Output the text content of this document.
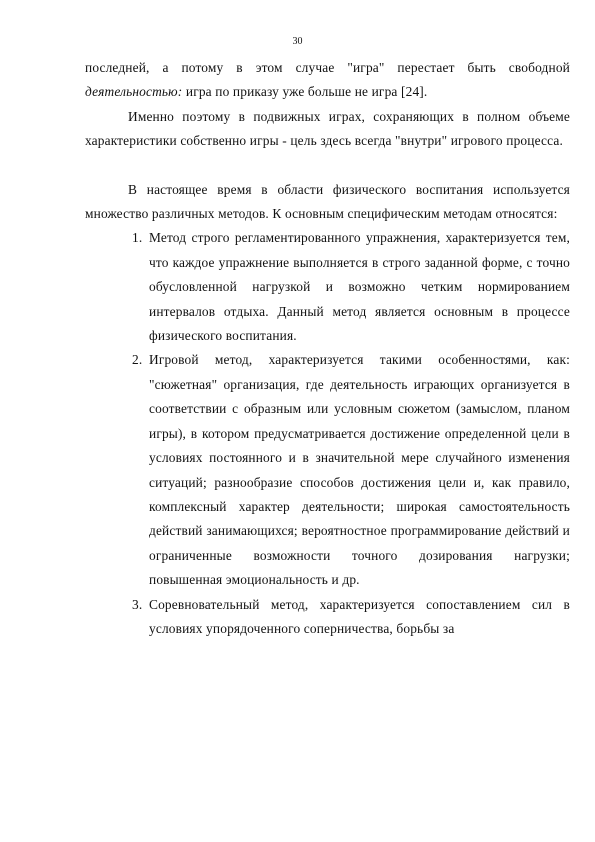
30

последней, а потому в этом случае "игра" перестает быть свободной деятельностью: игра по приказу уже больше не игра [24].

Именно поэтому в подвижных играх, сохраняющих в полном объеме характеристики собственно игры - цель здесь всегда "внутри" игрового процесса.

В настоящее время в области физического воспитания используется множество различных методов. К основным специфическим методам относятся:

1. Метод строго регламентированного упражнения, характеризуется тем, что каждое упражнение выполняется в строго заданной форме, с точно обусловленной нагрузкой и возможно четким нормированием интервалов отдыха. Данный метод является основным в процессе физического воспитания.
2. Игровой метод, характеризуется такими особенностями, как: "сюжетная" организация, где деятельность играющих организуется в соответствии с образным или условным сюжетом (замыслом, планом игры), в котором предусматривается достижение определенной цели в условиях постоянного и в значительной мере случайного изменения ситуаций; разнообразие способов достижения цели и, как правило, комплексный характер деятельности; широкая самостоятельность действий занимающихся; вероятностное программирование действий и ограниченные возможности точного дозирования нагрузки; повышенная эмоциональность и др.
3. Соревновательный метод, характеризуется сопоставлением сил в условиях упорядоченного соперничества, борьбы за
